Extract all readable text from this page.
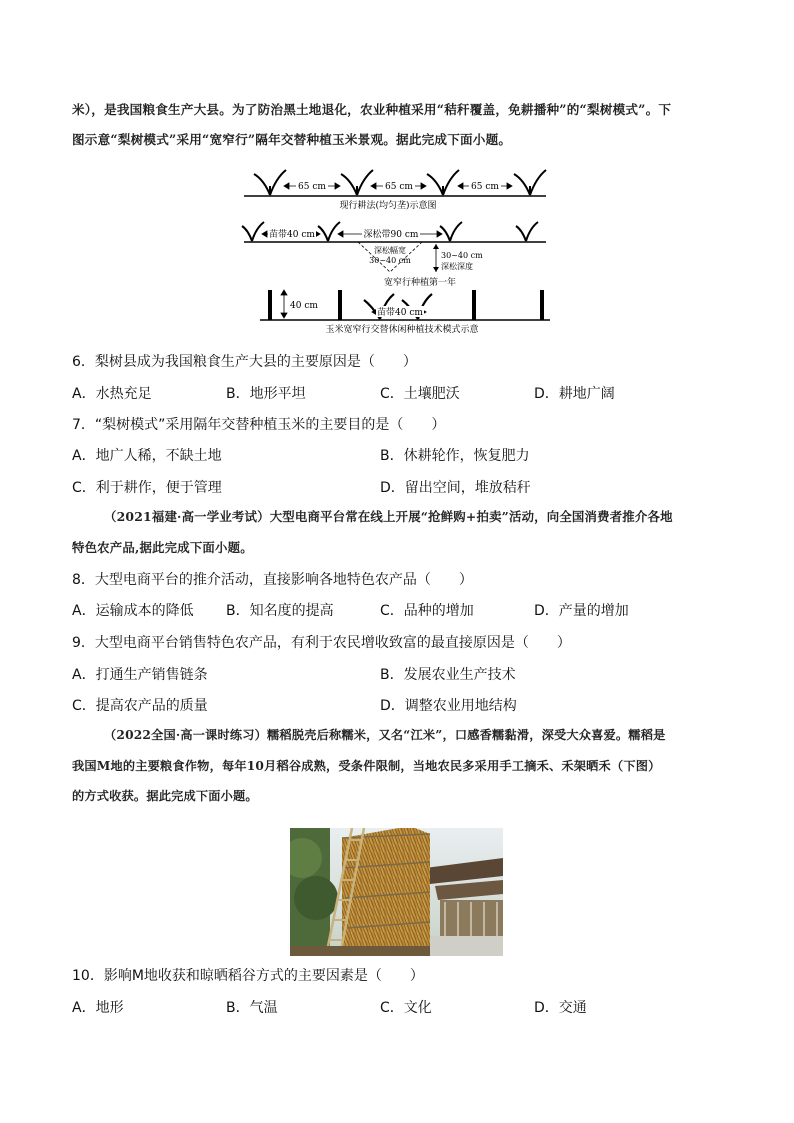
米），是我国粮食生产大县。为了防治黑土地退化，农业种植采用“秸秆覆盖，免耕播种”的“梨树模式”。下
图示意“梨树模式”采用“宽窄行”隔年交替种植玉米景观。据此完成下面小题。
65 cm	65 cm	65 cm
现行耕法(均匀垄)示意图
苗带40 cm	深松带90 cm
深松幅宽
30~40 cm
30~40 cm
深松深度
宽窄行种植第一年
40 cm
苗带40 cm
玉米宽窄行交替休闲种植技术模式示意
6．梨树县成为我国粮食生产大县的主要原因是（　　）
A．水热充足	B．地形平坦	C．土壤肥沃	D．耕地广阔
7．“梨树模式”采用隔年交替种植玉米的主要目的是（　　）
A．地广人稀，不缺土地	B．休耕轮作，恢复肥力
C．利于耕作，便于管理	D．留出空间，堆放秸秆
（2021福建·高一学业考试）大型电商平台常在线上开展“抢鲜购+拍卖”活动，向全国消费者推介各地
特色农产品,据此完成下面小题。
8．大型电商平台的推介活动，直接影响各地特色农产品（　　）
A．运输成本的降低 B．知名度的提高	C．品种的增加	D．产量的增加
9．大型电商平台销售特色农产品，有利于农民增收致富的最直接原因是（　　）
A．打通生产销售链条	B．发展农业生产技术
C．提高农产品的质量	D．调整农业用地结构
（2022全国·高一课时练习）糯稻脱壳后称糯米，又名“江米”，口感香糯黏滑，深受大众喜爱。糯稻是
我国M地的主要粮食作物，每年10月稻谷成熟，受条件限制，当地农民多采用手工摘禾、禾架晒禾（下图）
的方式收获。据此完成下面小题。
10．影响M地收获和晾晒稻谷方式的主要因素是（　　）
A．地形	B．气温	C．文化	D．交通
